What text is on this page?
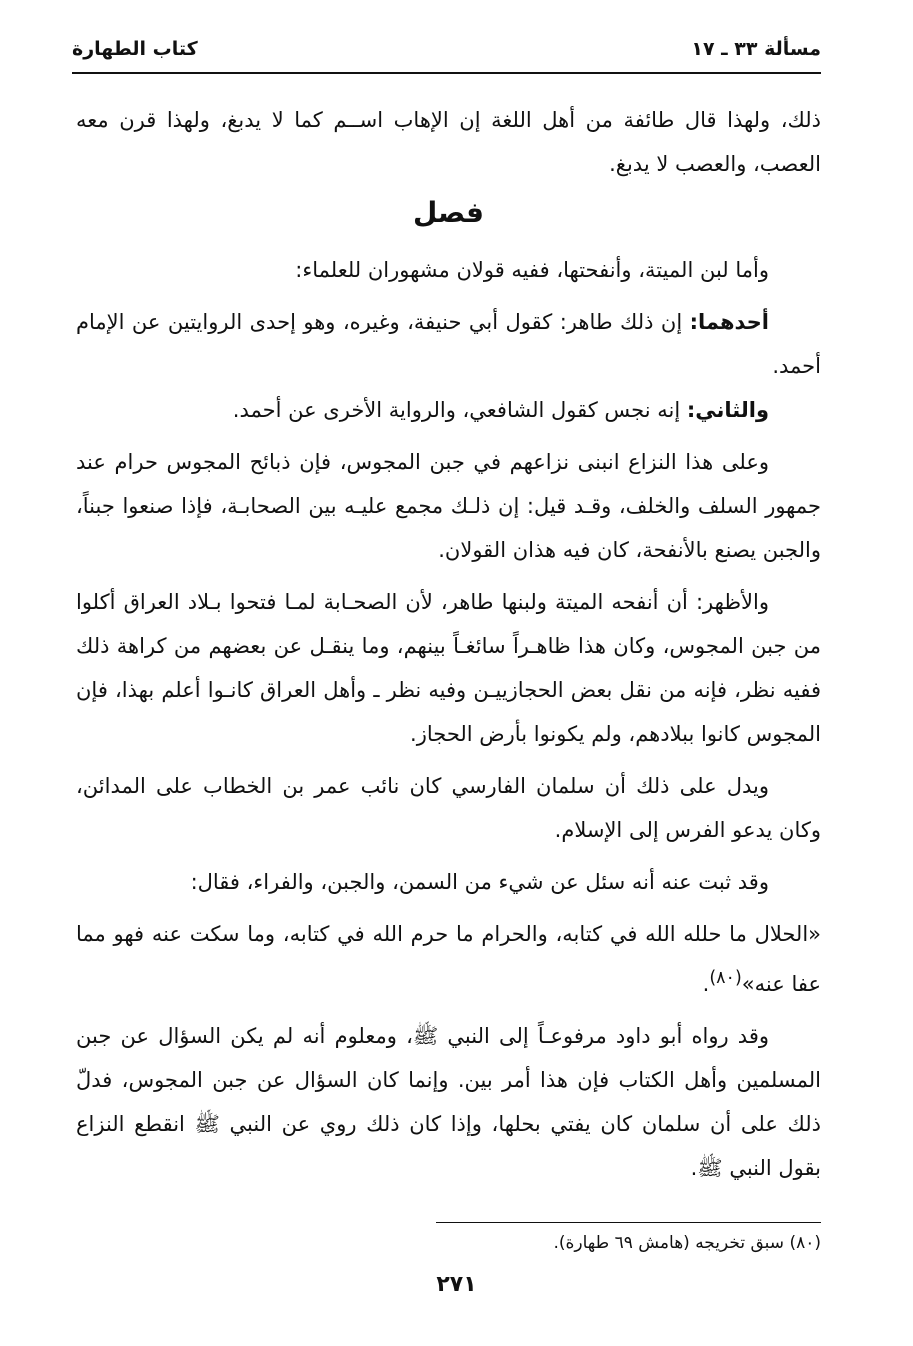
مسألة ٣٣ ـ ١٧
كتاب الطهارة

ذلك، ولهذا قال طائفة من أهل اللغة إن الإهاب اســم كما لا يدبغ، ولهذا قرن معه العصب، والعصب لا يدبغ.

فصل

وأما لبن الميتة، وأنفحتها، ففيه قولان مشهوران للعلماء:

أحدهما: إن ذلك طاهر: كقول أبي حنيفة، وغيره، وهو إحدى الروايتين عن الإمام أحمد.

والثاني: إنه نجس كقول الشافعي، والرواية الأخرى عن أحمد.

وعلى هذا النزاع انبنى نزاعهم في جبن المجوس، فإن ذبائح المجوس حرام عند جمهور السلف والخلف، وقـد قيل: إن ذلـك مجمع عليـه بين الصحابـة، فإذا صنعوا جبناً، والجبن يصنع بالأنفحة، كان فيه هذان القولان.

والأظهر: أن أنفحه الميتة ولبنها طاهر، لأن الصحـابة لمـا فتحوا بـلاد العراق أكلوا من جبن المجوس، وكان هذا ظاهـراً سائغـاً بينهم، وما ينقـل عن بعضهم من كراهة ذلك ففيه نظر، فإنه من نقل بعض الحجازييـن وفيه نظر ـ وأهل العراق كانـوا أعلم بهذا، فإن المجوس كانوا ببلادهم، ولم يكونوا بأرض الحجاز.

ويدل على ذلك أن سلمان الفارسي كان نائب عمر بن الخطاب على المدائن، وكان يدعو الفرس إلى الإسلام.

وقد ثبت عنه أنه سئل عن شيء من السمن، والجبن، والفراء، فقال:

«الحلال ما حلله الله في كتابه، والحرام ما حرم الله في كتابه، وما سكت عنه فهو مما عفا عنه»$^{(٨٠)}$.

وقد رواه أبو داود مرفوعـاً إلى النبي ﷺ، ومعلوم أنه لم يكن السؤال عن جبن المسلمين وأهل الكتاب فإن هذا أمر بين. وإنما كان السؤال عن جبن المجوس، فدلّ ذلك على أن سلمان كان يفتي بحلها، وإذا كان ذلك روي عن النبي ﷺ انقطع النزاع بقول النبي ﷺ.

(٨٠) سبق تخريجه (هامش ٦٩ طهارة).
٢٧١
